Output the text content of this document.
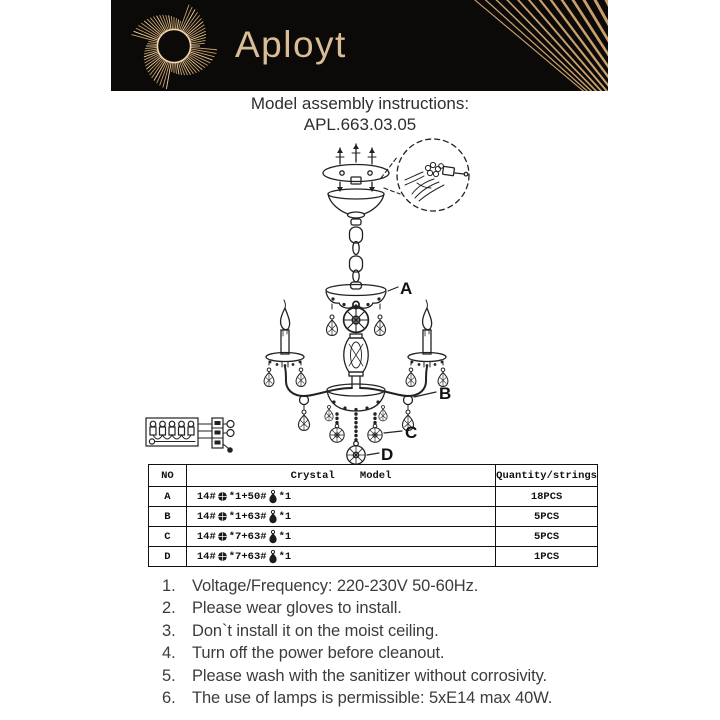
Aployt
Model assembly instructions:
APL.663.03.05
A
B
C
D
NO	Crystal    Model	Quantity/strings
A	14# *1+50# *1	18PCS
B	14# *1+63# *1	5PCS
C	14# *7+63# *1	5PCS
D	14# *7+63# *1	1PCS
1. Voltage/Frequency: 220-230V 50-60Hz.
2. Please wear gloves to install.
3. Don`t install it on the moist ceiling.
4. Turn off the power before cleanout.
5. Please wash with the sanitizer without corrosivity.
6. The use of lamps is permissible: 5xE14 max 40W.
